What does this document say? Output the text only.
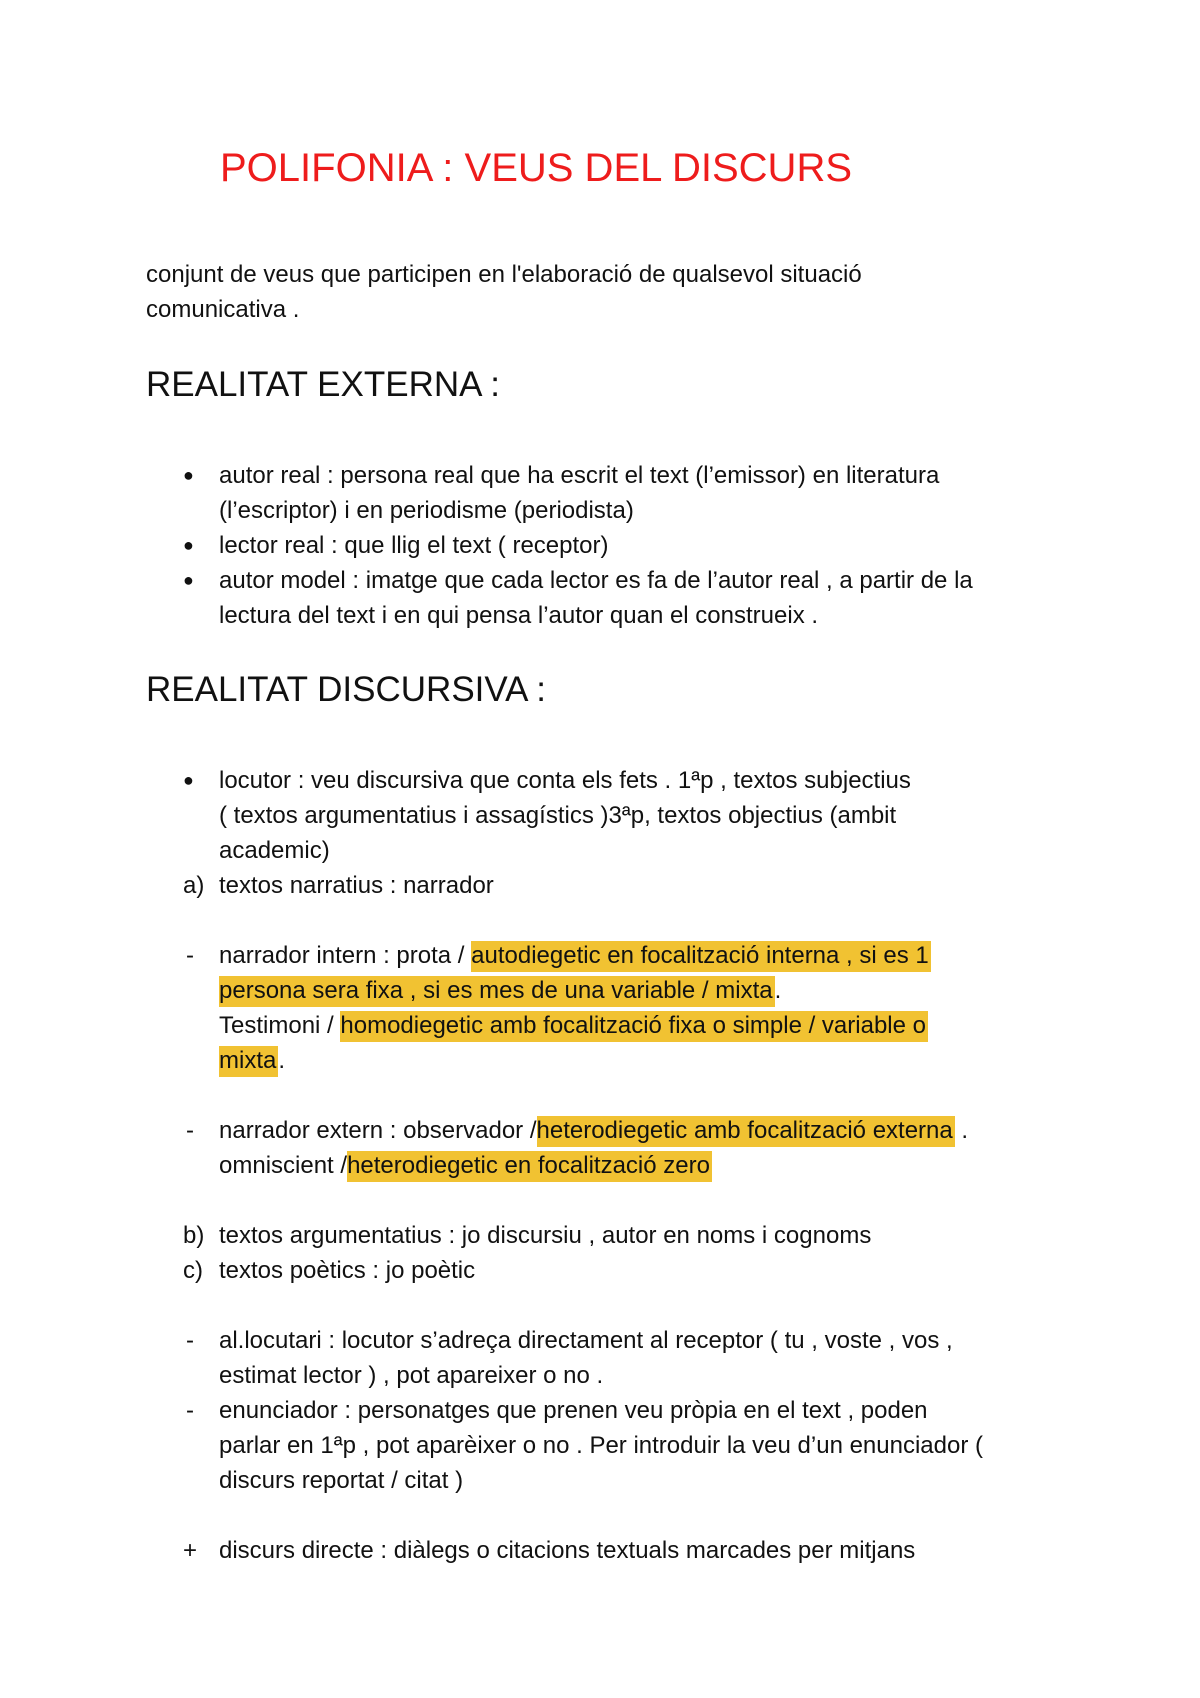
POLIFONIA : VEUS DEL DISCURS

conjunt de veus que participen en l'elaboració de qualsevol situació

comunicativa .

REALITAT EXTERNA :
● autor real : persona real que ha escrit el text (l’emissor) en literatura

(l’escriptor) i en periodisme (periodista)

● lector real : que llig el text ( receptor)

● autor model : imatge que cada lector es fa de l’autor real , a partir de la

lectura del text i en qui pensa l’autor quan el construeix .

REALITAT DISCURSIVA :
● locutor : veu discursiva que conta els fets . 1ªp , textos subjectius

( textos argumentatius i assagístics )3ªp, textos objectius (ambit

academic)

a) textos narratius : narrador

- narrador intern : prota / autodiegetic en focalització interna , si es 1

persona sera fixa , si es mes de una variable / mixta.

Testimoni / homodiegetic amb focalització fixa o simple / variable o

mixta.

- narrador extern : observador /heterodiegetic amb focalització externa .

omniscient /heterodiegetic en focalització zero

b) textos argumentatius : jo discursiu , autor en noms i cognoms

c) textos poètics : jo poètic

- al.locutari : locutor s’adreça directament al receptor ( tu , voste , vos ,

estimat lector ) , pot apareixer o no .

- enunciador : personatges que prenen veu pròpia en el text , poden

parlar en 1ªp , pot aparèixer o no . Per introduir la veu d’un enunciador (

discurs reportat / citat )

+ discurs directe : diàlegs o citacions textuals marcades per mitjans
